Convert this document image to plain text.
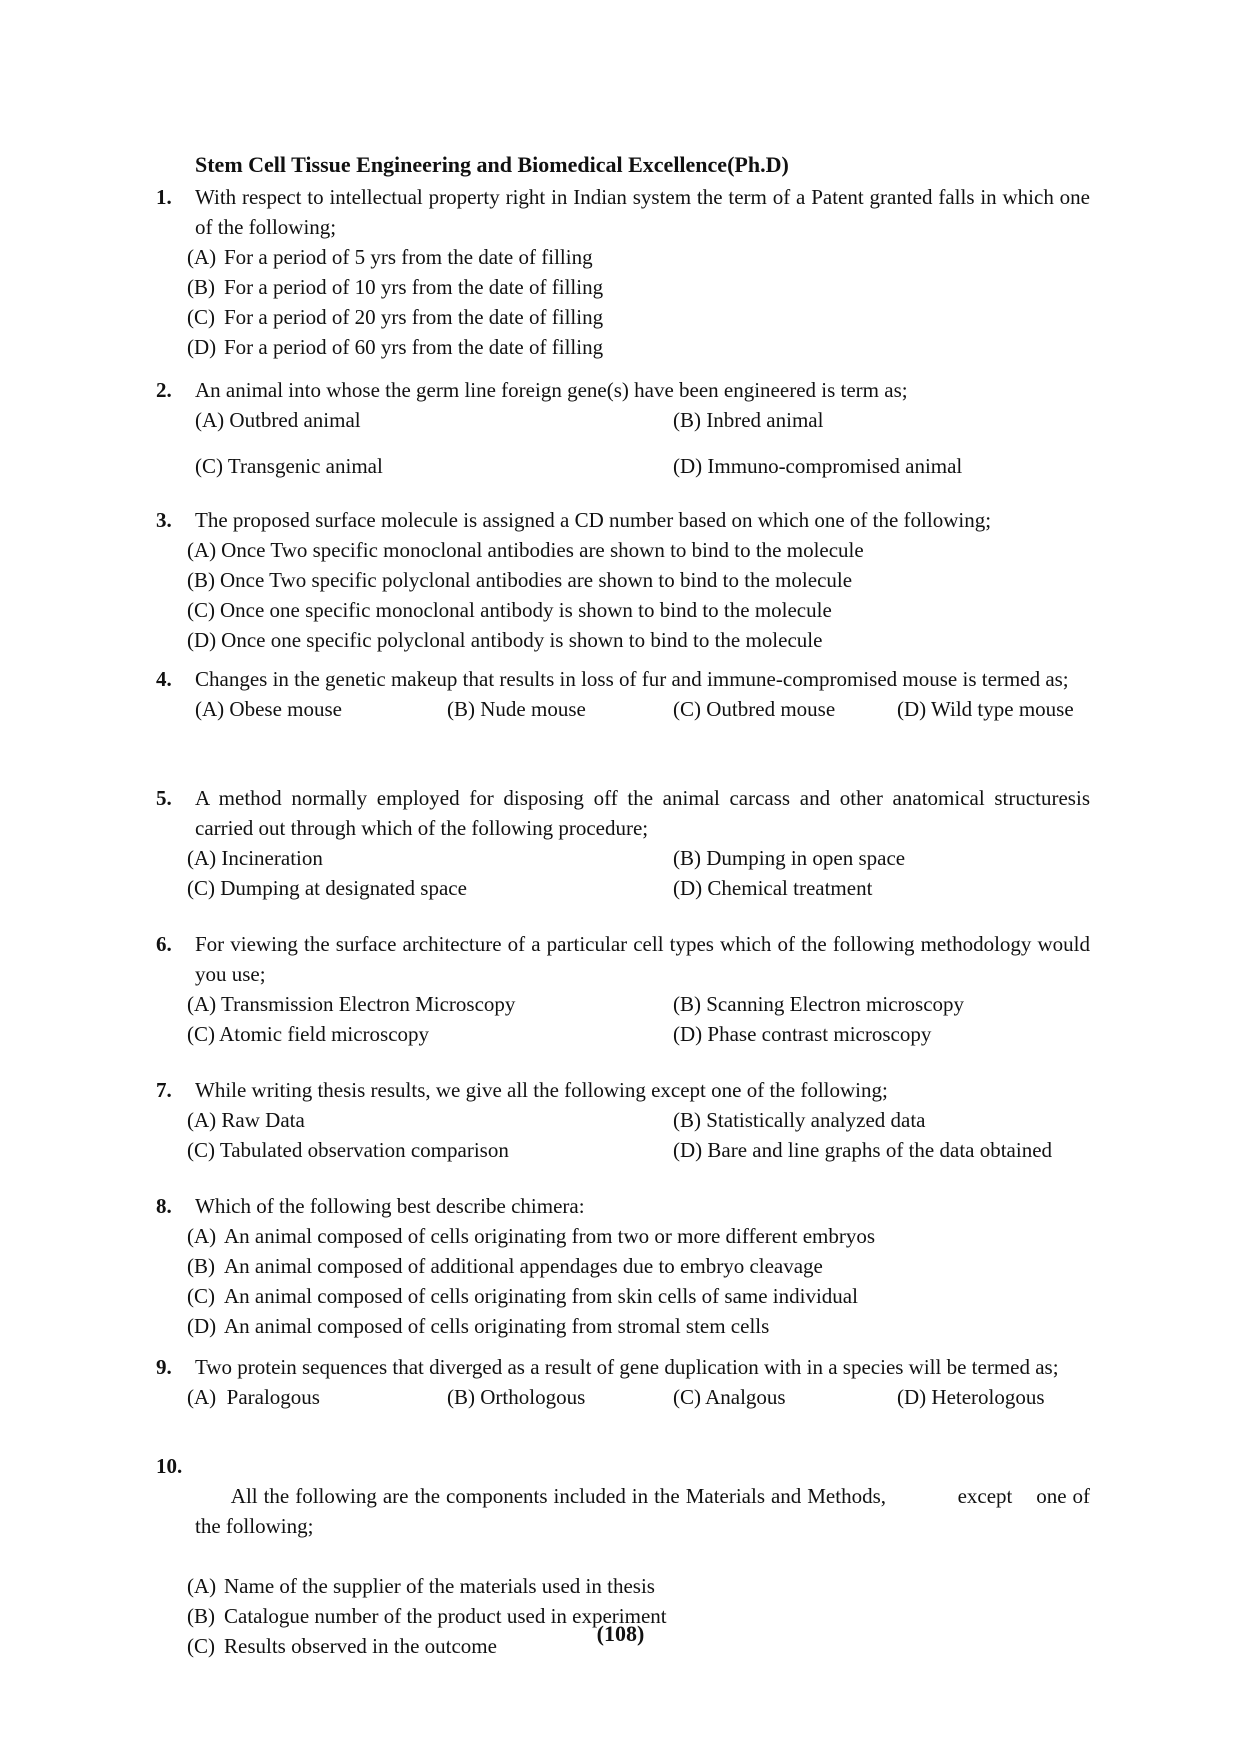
Stem Cell Tissue Engineering and Biomedical Excellence(Ph.D)
1. With respect to intellectual property right in Indian system the term of a Patent granted falls in which one of the following;
(A) For a period of 5 yrs from the date of filling
(B) For a period of 10 yrs from the date of filling
(C) For a period of 20 yrs from the date of filling
(D) For a period of 60 yrs from the date of filling
2. An animal into whose the germ line foreign gene(s) have been engineered is term as;
(A) Outbred animal	(B) Inbred animal
(C) Transgenic animal	(D) Immuno-compromised animal
3. The proposed surface molecule is assigned a CD number based on which one of the following;
(A) Once Two specific monoclonal antibodies are shown to bind to the molecule
(B) Once Two specific polyclonal antibodies are shown to bind to the molecule
(C) Once one specific monoclonal antibody is shown to bind to the molecule
(D) Once one specific polyclonal antibody is shown to bind to the molecule
4. Changes in the genetic makeup that results in loss of fur and immune-compromised mouse is termed as;
(A) Obese mouse	(B) Nude mouse	(C) Outbred mouse	(D) Wild type mouse
5. A method normally employed for disposing off the animal carcass and other anatomical structuresis carried out through which of the following procedure;
(A) Incineration	(B) Dumping in open space
(C) Dumping at designated space	(D) Chemical treatment
6. For viewing the surface architecture of a particular cell types which of the following methodology would you use;
(A) Transmission Electron Microscopy	(B) Scanning Electron microscopy
(C) Atomic field microscopy	(D) Phase contrast microscopy
7. While writing thesis results, we give all the following except one of the following;
(A) Raw Data	(B) Statistically analyzed data
(C) Tabulated observation comparison	(D) Bare and line graphs of the data obtained
8. Which of the following best describe chimera:
(A) An animal composed of cells originating from two or more different embryos
(B) An animal composed of additional appendages due to embryo cleavage
(C) An animal composed of cells originating from skin cells of same individual
(D) An animal composed of cells originating from stromal stem cells
9. Two protein sequences that diverged as a result of gene duplication with in a species will be termed as;
(A) Paralogous	(B) Orthologous	(C) Analgous	(D) Heterologous

10.
All the following are the components included in the Materials and Methods,            except    one of the following;

(A) Name of the supplier of the materials used in thesis
(B) Catalogue number of the product used in experiment
(C) Results observed in the outcome	(108)
